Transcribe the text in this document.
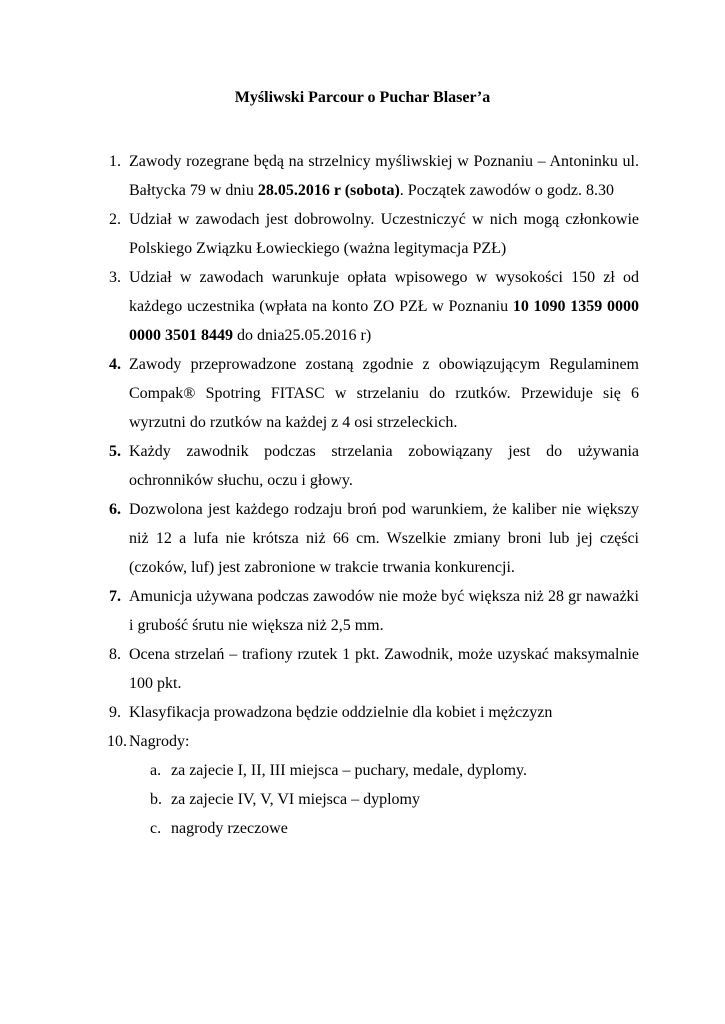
Myśliwski Parcour o Puchar Blaser’a
1. Zawody rozegrane będą na strzelnicy myśliwskiej w Poznaniu – Antoninku ul. Bałtycka 79 w dniu 28.05.2016 r (sobota). Początek zawodów o godz. 8.30
2. Udział w zawodach jest dobrowolny. Uczestniczyć w nich mogą członkowie Polskiego Związku Łowieckiego (ważna legitymacja PZŁ)
3. Udział w zawodach warunkuje opłata wpisowego w wysokości 150 zł od każdego uczestnika (wpłata na konto ZO PZŁ w Poznaniu 10 1090 1359 0000 0000 3501 8449 do dnia25.05.2016 r)
4. Zawody przeprowadzone zostaną zgodnie z obowiązującym Regulaminem Compak® Spotring FITASC w strzelaniu do rzutków. Przewiduje się 6 wyrzutni do rzutków na każdej z 4 osi strzeleckich.
5. Każdy zawodnik podczas strzelania zobowiązany jest do używania ochronników słuchu, oczu i głowy.
6. Dozwolona jest każdego rodzaju broń pod warunkiem, że kaliber nie większy niż 12 a lufa nie krótsza niż 66 cm. Wszelkie zmiany broni lub jej części (czoków, luf) jest zabronione w trakcie trwania konkurencji.
7. Amunicja używana podczas zawodów nie może być większa niż 28 gr naważki i grubość śrutu nie większa niż 2,5 mm.
8. Ocena strzelań – trafiony rzutek 1 pkt. Zawodnik, może uzyskać maksymalnie 100 pkt.
9. Klasyfikacja prowadzona będzie oddzielnie dla kobiet i mężczyzn
10. Nagrody:
a. za zajecie I, II, III miejsca – puchary, medale, dyplomy.
b. za zajecie IV, V, VI miejsca – dyplomy
c. nagrody rzeczowe
